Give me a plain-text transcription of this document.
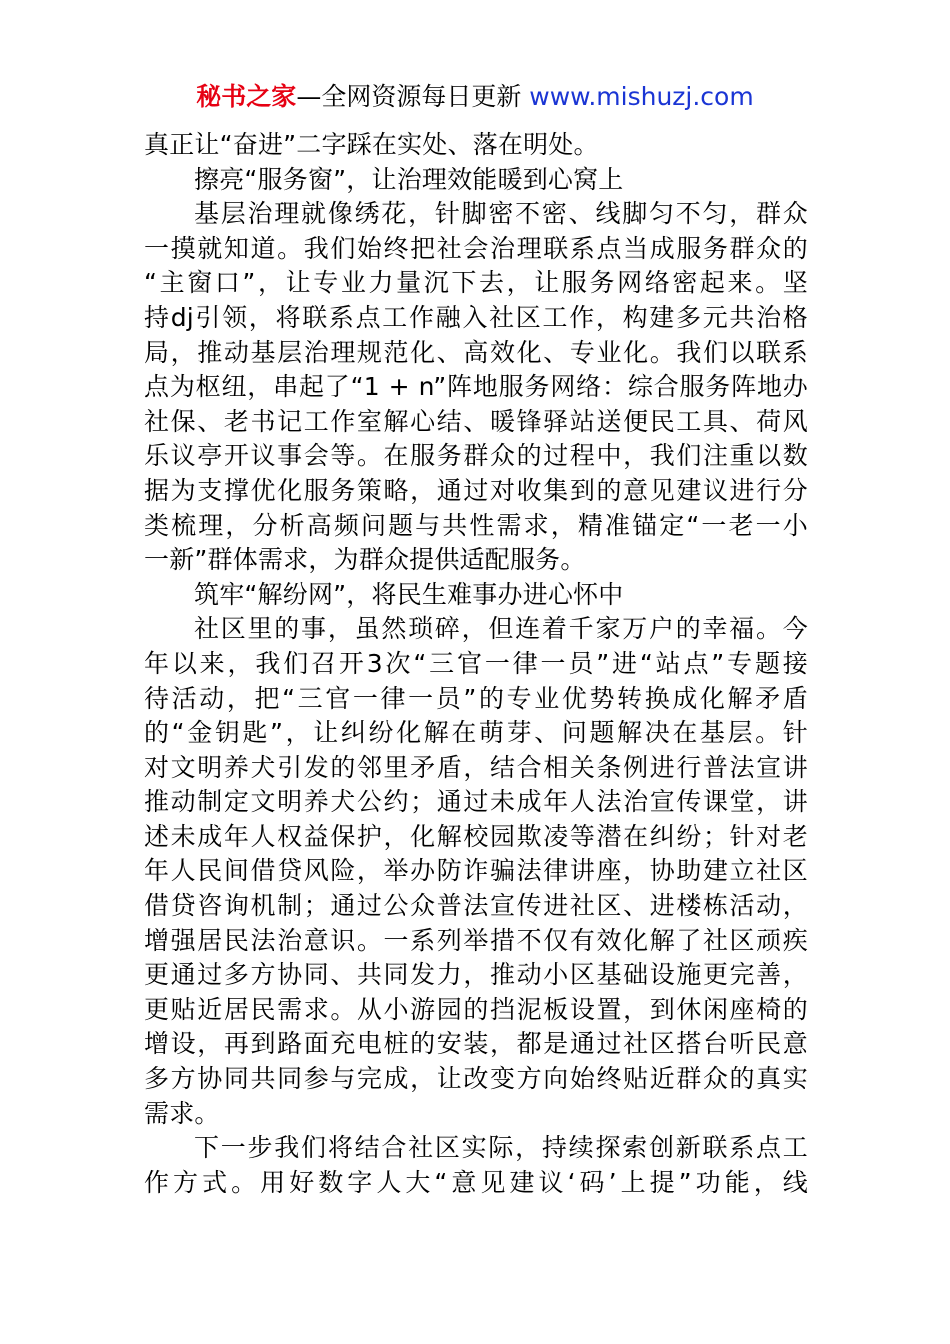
秘书之家—全网资源每日更新 www.mishuzj.com
真正让“奋进”二字踩在实处、落在明处。
擦亮“服务窗”，让治理效能暖到心窝上
基层治理就像绣花，针脚密不密、线脚匀不匀，群众
一摸就知道。我们始终把社会治理联系点当成服务群众的
“主窗口”，让专业力量沉下去，让服务网络密起来。坚
持dj引领，将联系点工作融入社区工作，构建多元共治格
局，推动基层治理规范化、高效化、专业化。我们以联系
点为枢纽，串起了“1 + n”阵地服务网络：综合服务阵地办
社保、老书记工作室解心结、暖锋驿站送便民工具、荷风
乐议亭开议事会等。在服务群众的过程中，我们注重以数
据为支撑优化服务策略，通过对收集到的意见建议进行分
类梳理，分析高频问题与共性需求，精准锚定“一老一小
一新”群体需求，为群众提供适配服务。
筑牢“解纷网”，将民生难事办进心怀中
社区里的事，虽然琐碎，但连着千家万户的幸福。今
年以来，我们召开3次“三官一律一员”进“站点”专题接
待活动，把“三官一律一员”的专业优势转换成化解矛盾
的“金钥匙”，让纠纷化解在萌芽、问题解决在基层。针
对文明养犬引发的邻里矛盾，结合相关条例进行普法宣讲
推动制定文明养犬公约；通过未成年人法治宣传课堂，讲
述未成年人权益保护，化解校园欺凌等潜在纠纷；针对老
年人民间借贷风险，举办防诈骗法律讲座，协助建立社区
借贷咨询机制；通过公众普法宣传进社区、进楼栋活动，
增强居民法治意识。一系列举措不仅有效化解了社区顽疾
更通过多方协同、共同发力，推动小区基础设施更完善，
更贴近居民需求。从小游园的挡泥板设置，到休闲座椅的
增设，再到路面充电桩的安装，都是通过社区搭台听民意
多方协同共同参与完成，让改变方向始终贴近群众的真实
需求。
下一步我们将结合社区实际，持续探索创新联系点工
作方式。用好数字人大“意见建议‘码’上提”功能，线
